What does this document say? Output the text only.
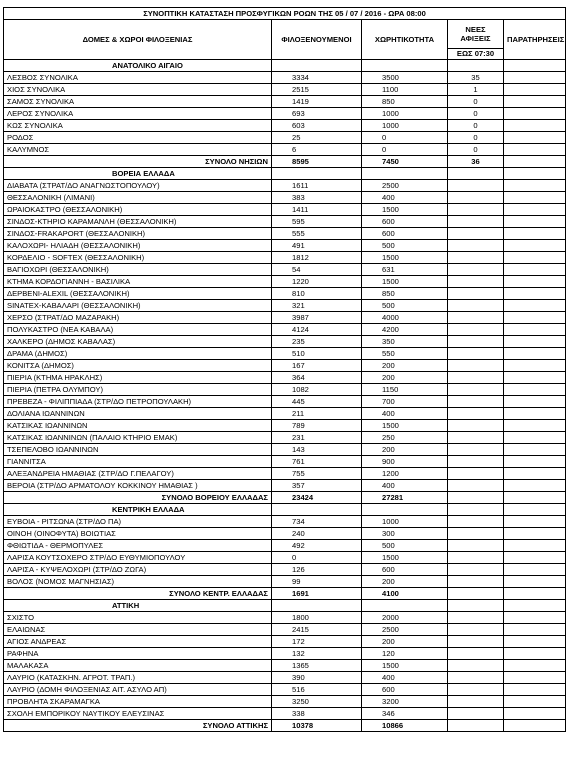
ΣΥΝΟΠΤΙΚΗ ΚΑΤΑΣΤΑΣΗ ΠΡΟΣΦΥΓΙΚΩΝ ΡΟΩΝ ΤΗΣ 05 / 07 / 2016 - ΩΡΑ 08:00				
ΔΟΜΕΣ & ΧΩΡΟΙ ΦΙΛΟΞΕΝΙΑΣ	ΦΙΛΟΞΕΝΟΥΜΕΝΟΙ	ΧΩΡΗΤΙΚΟΤΗΤΑ	ΝΕΕΣ ΑΦΙΞΕΙΣ	ΠΑΡΑΤΗΡΗΣΕΙΣ
			ΕΩΣ 07:30	
ΑΝΑΤΟΛΙΚΟ ΑΙΓΑΙΟ				
ΛΕΣΒΟΣ ΣΥΝΟΛΙΚΑ	3334	3500	35	
ΧΙΟΣ ΣΥΝΟΛΙΚΑ	2515	1100	1	
ΣΑΜΟΣ ΣΥΝΟΛΙΚΑ	1419	850	0	
ΛΕΡΟΣ ΣΥΝΟΛΙΚΑ	693	1000	0	
ΚΩΣ ΣΥΝΟΛΙΚΑ	603	1000	0	
ΡΟΔΟΣ	25	0	0	
ΚΑΛΥΜΝΟΣ	6	0	0	
ΣΥΝΟΛΟ ΝΗΣΙΩΝ	8595	7450	36	
ΒΟΡΕΙΑ ΕΛΛΑΔΑ				
ΔΙΑΒΑΤΑ (ΣΤΡΑΤ/ΔΟ ΑΝΑΓΝΩΣΤΟΠΟΥΛΟΥ)	1611	2500		
ΘΕΣΣΑΛΟΝΙΚΗ (ΛΙΜΑΝΙ)	383	400		
ΩΡΑΙΟΚΑΣΤΡΟ (ΘΕΣΣΑΛΟΝΙΚΗ)	1411	1500		
ΣΙΝΔΟΣ-ΚΤΗΡΙΟ ΚΑΡΑΜΑΝΛΗ (ΘΕΣΣΑΛΟΝΙΚΗ)	595	600		
ΣΙΝΔΟΣ-FRAKAPORT (ΘΕΣΣΑΛΟΝΙΚΗ)	555	600		
ΚΑΛΟΧΩΡΙ- ΗΛΙΑΔΗ (ΘΕΣΣΑΛΟΝΙΚΗ)	491	500		
ΚΟΡΔΕΛΙΟ - SOFTEX (ΘΕΣΣΑΛΟΝΙΚΗ)	1812	1500		
ΒΑΓΙΟΧΩΡΙ (ΘΕΣΣΑΛΟΝΙΚΗ)	54	631		
ΚΤΗΜΑ ΚΟΡΔΟΓΙΑΝΝΗ - ΒΑΣΙΛΙΚΑ	1220	1500		
ΔΕΡΒΕΝΙ-ALEXIL (ΘΕΣΣΑΛΟΝΙΚΗ)	810	850		
SINATEX-ΚΑΒΑΛΑΡΙ (ΘΕΣΣΑΛΟΝΙΚΗ)	321	500		
ΧΕΡΣΟ (ΣΤΡΑΤ/ΔΟ ΜΑΖΑΡΑΚΗ)	3987	4000		
ΠΟΛΥΚΑΣΤΡΟ (ΝΕΑ ΚΑΒΑΛΑ)	4124	4200		
ΧΑΛΚΕΡΟ (ΔΗΜΟΣ ΚΑΒΑΛΑΣ)	235	350		
ΔΡΑΜΑ (ΔΗΜΟΣ)	510	550		
ΚΟΝΙΤΣΑ (ΔΗΜΟΣ)	167	200		
ΠΙΕΡΙΑ (ΚΤΗΜΑ ΗΡΑΚΛΗΣ)	364	200		
ΠΙΕΡΙΑ (ΠΕΤΡΑ ΟΛΥΜΠΟΥ)	1082	1150		
ΠΡΕΒΕΖΑ - ΦΙΛΙΠΠΙΑΔΑ (ΣΤΡ/ΔΟ ΠΕΤΡΟΠΟΥΛΑΚΗ)	445	700		
ΔΟΛΙΑΝΑ ΙΩΑΝΝΙΝΩΝ	211	400		
ΚΑΤΣΙΚΑΣ ΙΩΑΝΝΙΝΩΝ	789	1500		
ΚΑΤΣΙΚΑΣ ΙΩΑΝΝΙΝΩΝ (ΠΑΛΑΙΟ ΚΤΗΡΙΟ ΕΜΑΚ)	231	250		
ΤΣΕΠΕΛΟΒΟ ΙΩΑΝΝΙΝΩΝ	143	200		
ΓΙΑΝΝΙΤΣΑ	761	900		
ΑΛΕΞΑΝΔΡΕΙΑ ΗΜΑΘΙΑΣ (ΣΤΡ/ΔΟ Γ.ΠΕΛΑΓΟΥ)	755	1200		
ΒΕΡΟΙΑ (ΣΤΡ/ΔΟ ΑΡΜΑΤΟΛΟΥ ΚΟΚΚΙΝΟΥ ΗΜΑΘΙΑΣ )	357	400		
ΣΥΝΟΛΟ ΒΟΡΕΙΟΥ ΕΛΛΑΔΑΣ	23424	27281		
ΚΕΝΤΡΙΚΗ ΕΛΛΑΔΑ				
ΕΥΒΟΙΑ - ΡΙΤΣΩΝΑ (ΣΤΡ/ΔΟ ΠΑ)	734	1000		
ΟΙΝΟΗ (ΟΙΝΟΦΥΤΑ) ΒΟΙΩΤΙΑΣ	240	300		
ΦΘΙΩΤΙΔΑ - ΘΕΡΜΟΠΥΛΕΣ	492	500		
ΛΑΡΙΣΑ ΚΟΥΤΣΟΧΕΡΟ ΣΤΡ/ΔΟ ΕΥΘΥΜΙΟΠΟΥΛΟΥ	0	1500		
ΛΑΡΙΣΑ - ΚΥΨΕΛΟΧΩΡΙ (ΣΤΡ/ΔΟ ΖΩΓΑ)	126	600		
ΒΟΛΟΣ (ΝΟΜΟΣ ΜΑΓΝΗΣΙΑΣ)	99	200		
ΣΥΝΟΛΟ ΚΕΝΤΡ. ΕΛΛΑΔΑΣ	1691	4100		
ΑΤΤΙΚΗ				
ΣΧΙΣΤΟ	1800	2000		
ΕΛΑΙΩΝΑΣ	2415	2500		
ΑΓΙΟΣ ΑΝΔΡΕΑΣ	172	200		
ΡΑΦΗΝΑ	132	120		
ΜΑΛΑΚΑΣΑ	1365	1500		
ΛΑΥΡΙΟ (ΚΑΤΑΣΚΗΝ. ΑΓΡΟΤ. ΤΡΑΠ.)	390	400		
ΛΑΥΡΙΟ (ΔΟΜΗ ΦΙΛΟΞΕΝΙΑΣ ΑΙΤ. ΑΣΥΛΟ ΑΠ)	516	600		
ΠΡΟΒΛΗΤΑ ΣΚΑΡΑΜΑΓΚΑ	3250	3200		
ΣΧΟΛΗ ΕΜΠΟΡΙΚΟΥ ΝΑΥΤΙΚΟΥ ΕΛΕΥΣΙΝΑΣ	338	346		
ΣΥΝΟΛΟ ΑΤΤΙΚΗΣ	10378	10866		
